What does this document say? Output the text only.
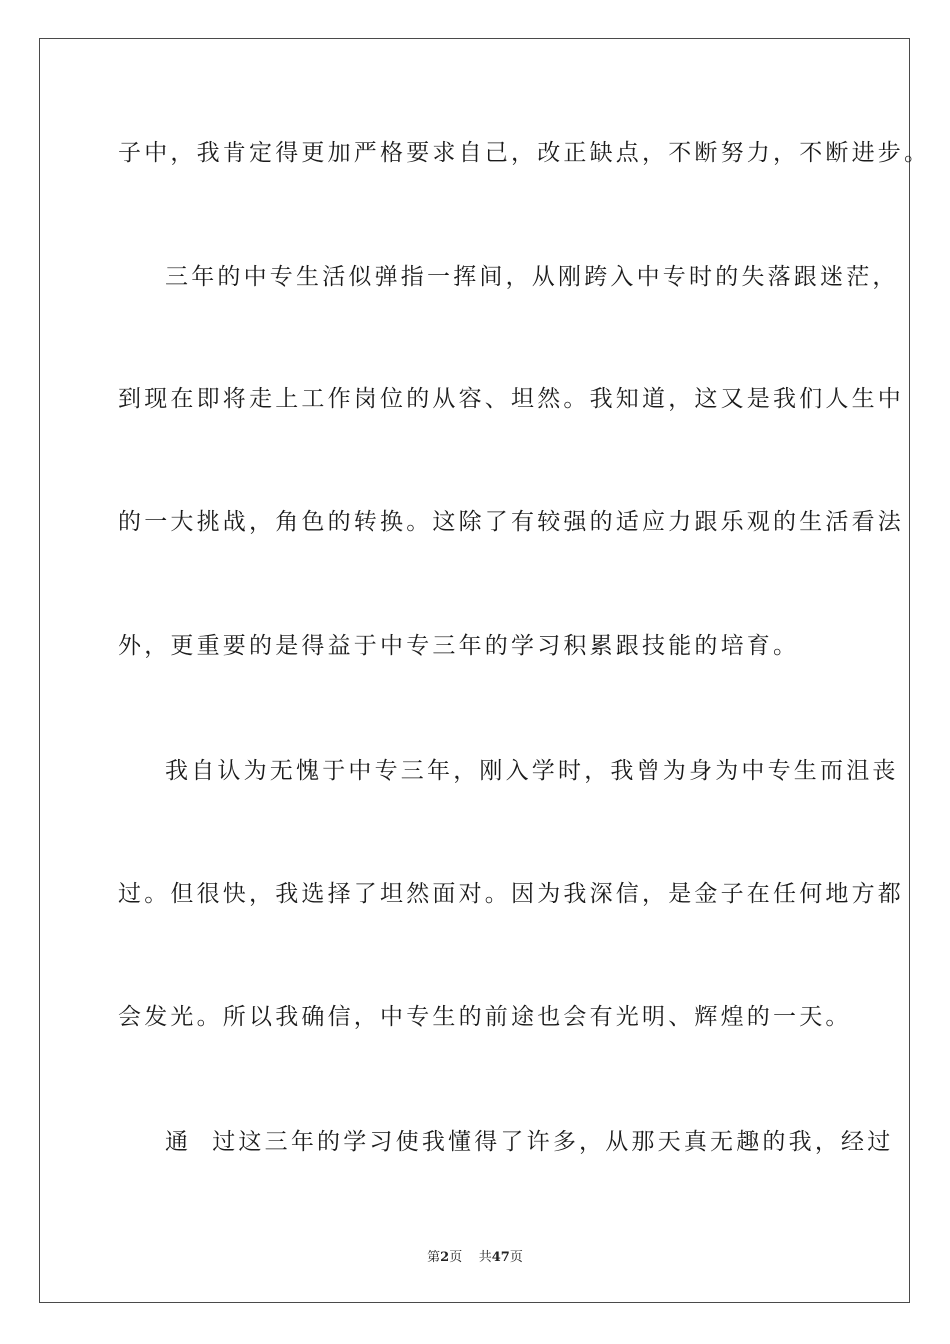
子中，我肯定得更加严格要求自己，改正缺点，不断努力，不断进步。
三年的中专生活似弹指一挥间，从刚跨入中专时的失落跟迷茫，
到现在即将走上工作岗位的从容、坦然。我知道，这又是我们人生中
的一大挑战，角色的转换。这除了有较强的适应力跟乐观的生活看法
外，更重要的是得益于中专三年的学习积累跟技能的培育。
我自认为无愧于中专三年，刚入学时，我曾为身为中专生而沮丧
过。但很快，我选择了坦然面对。因为我深信，是金子在任何地方都
会发光。所以我确信，中专生的前途也会有光明、辉煌的一天。
通  过这三年的学习使我懂得了许多，从那天真无趣的我，经过
第2页 共47页
